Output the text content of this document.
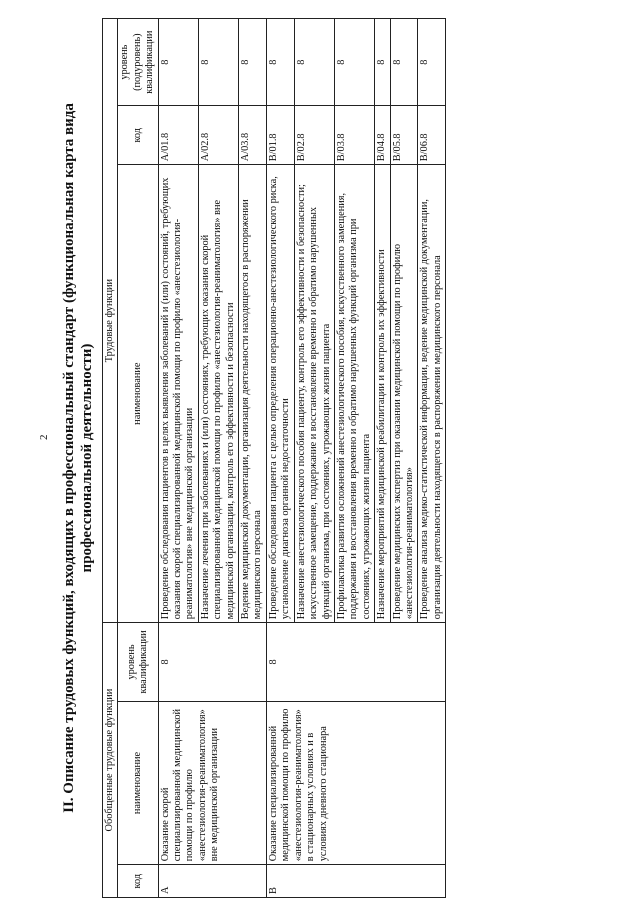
2 II. Описание трудовых функций, входящих в профессиональный стандарт (функциональная карта вида профессиональной деятельности)
Обобщенные трудовые функции			Трудовые функции		
код	наименование	уровень квалификации	наименование	код	уровень (подуровень) квалификации
A	Оказание скорой специализированной медицинской помощи по профилю «анестезиология-реаниматология» вне медицинской организации	8	Проведение обследования пациентов в целях выявления заболеваний и (или) состояний, требующих оказания скорой специализированной медицинской помощи по профилю «анестезиология-реаниматология» вне медицинской организации	A/01.8	8
			Назначение лечения при заболеваниях и (или) состояниях, требующих оказания скорой специализированной медицинской помощи по профилю «анестезиология-реаниматология» вне медицинской организации, контроль его эффективности и безопасности	A/02.8	8
			Ведение медицинской документации, организация деятельности находящегося в распоряжении медицинского персонала	A/03.8	8
B	Оказание специализированной медицинской помощи по профилю «анестезиология-реаниматология» в стационарных условиях и в условиях дневного стационара	8	Проведение обследования пациента с целью определения операционно-анестезиологического риска, установление диагноза органной недостаточности	B/01.8	8
			Назначение анестезиологического пособия пациенту, контроль его эффективности и безопасности; искусственное замещение, поддержание и восстановление временно и обратимо нарушенных функций организма, при состояниях, угрожающих жизни пациента	B/02.8	8
			Профилактика развития осложнений анестезиологического пособия, искусственного замещения, поддержания и восстановления временно и обратимо нарушенных функций организма при состояниях, угрожающих жизни пациента	B/03.8	8
			Назначение мероприятий медицинской реабилитации и контроль их эффективности	B/04.8	8
			Проведение медицинских экспертиз при оказании медицинской помощи по профилю «анестезиология-реаниматология»	B/05.8	8
			Проведение анализа медико-статистической информации, ведение медицинской документации, организация деятельности находящегося в распоряжении медицинского персонала	B/06.8	8
